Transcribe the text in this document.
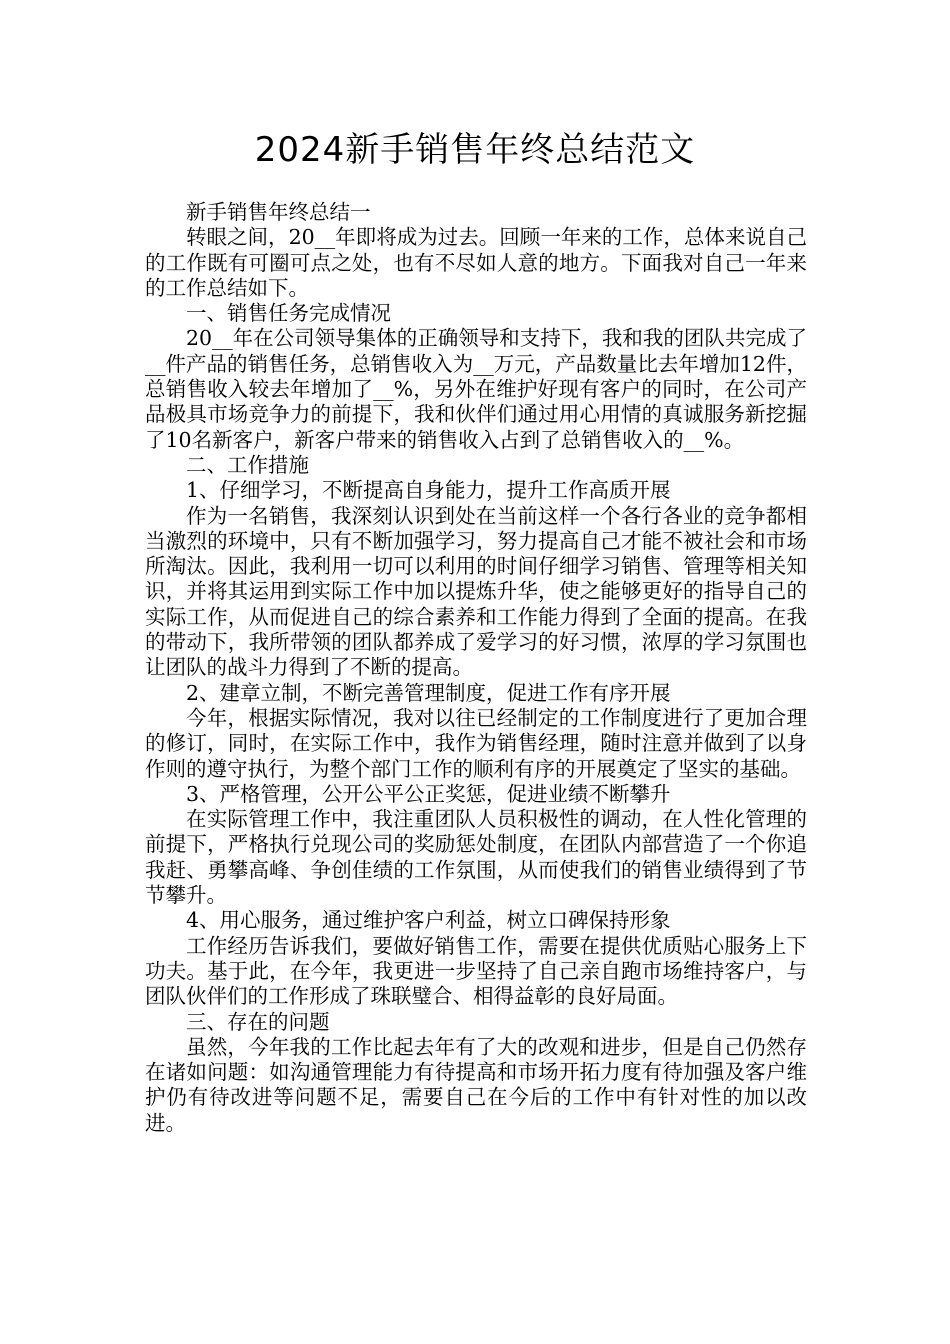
2024新手销售年终总结范文

新手销售年终总结一

转眼之间，20__年即将成为过去。回顾一年来的工作，总体来说自己的工作既有可圈可点之处，也有不尽如人意的地方。下面我对自己一年来的工作总结如下。

一、销售任务完成情况

20__年在公司领导集体的正确领导和支持下，我和我的团队共完成了__件产品的销售任务，总销售收入为__万元，产品数量比去年增加12件，总销售收入较去年增加了__%，另外在维护好现有客户的同时，在公司产品极具市场竞争力的前提下，我和伙伴们通过用心用情的真诚服务新挖掘了10名新客户，新客户带来的销售收入占到了总销售收入的__%。

二、工作措施

1、仔细学习，不断提高自身能力，提升工作高质开展

作为一名销售，我深刻认识到处在当前这样一个各行各业的竞争都相当激烈的环境中，只有不断加强学习，努力提高自己才能不被社会和市场所淘汰。因此，我利用一切可以利用的时间仔细学习销售、管理等相关知识，并将其运用到实际工作中加以提炼升华，使之能够更好的指导自己的实际工作，从而促进自己的综合素养和工作能力得到了全面的提高。在我的带动下，我所带领的团队都养成了爱学习的好习惯，浓厚的学习氛围也让团队的战斗力得到了不断的提高。

2、建章立制，不断完善管理制度，促进工作有序开展

今年，根据实际情况，我对以往已经制定的工作制度进行了更加合理的修订，同时，在实际工作中，我作为销售经理，随时注意并做到了以身作则的遵守执行，为整个部门工作的顺利有序的开展奠定了坚实的基础。

3、严格管理，公开公平公正奖惩，促进业绩不断攀升

在实际管理工作中，我注重团队人员积极性的调动，在人性化管理的前提下，严格执行兑现公司的奖励惩处制度，在团队内部营造了一个你追我赶、勇攀高峰、争创佳绩的工作氛围，从而使我们的销售业绩得到了节节攀升。

4、用心服务，通过维护客户利益，树立口碑保持形象

工作经历告诉我们，要做好销售工作，需要在提供优质贴心服务上下功夫。基于此，在今年，我更进一步坚持了自己亲自跑市场维持客户，与团队伙伴们的工作形成了珠联璧合、相得益彰的良好局面。

三、存在的问题

虽然，今年我的工作比起去年有了大的改观和进步，但是自己仍然存在诸如问题：如沟通管理能力有待提高和市场开拓力度有待加强及客户维护仍有待改进等问题不足，需要自己在今后的工作中有针对性的加以改进。
